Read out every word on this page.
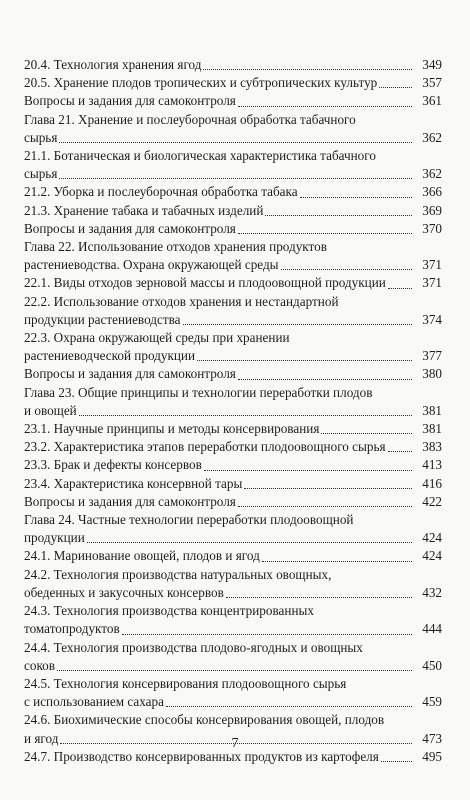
20.4. Технология хранения ягод	349
20.5. Хранение плодов тропических и субтропических культур	357
Вопросы и задания для самоконтроля	361
Глава 21. Хранение и послеуборочная обработка табачного
сырья	362
21.1. Ботаническая и биологическая характеристика табачного
сырья	362
21.2. Уборка и послеуборочная обработка табака	366
21.3. Хранение табака и табачных изделий	369
Вопросы и задания для самоконтроля	370
Глава 22. Использование отходов хранения продуктов
растениеводства. Охрана окружающей среды	371
22.1. Виды отходов зерновой массы и плодоовощной продукции	371
22.2. Использование отходов хранения и нестандартной
продукции растениеводства	374
22.3. Охрана окружающей среды при хранении
растениеводческой продукции	377
Вопросы и задания для самоконтроля	380
Глава 23. Общие принципы и технологии переработки плодов
и овощей	381
23.1. Научные принципы и методы консервирования	381
23.2. Характеристика этапов переработки плодоовощного сырья	383
23.3. Брак и дефекты консервов	413
23.4. Характеристика консервной тары	416
Вопросы и задания для самоконтроля	422
Глава 24. Частные технологии переработки плодоовощной
продукции	424
24.1. Маринование овощей, плодов и ягод	424
24.2. Технология производства натуральных овощных,
обеденных и закусочных консервов	432
24.3. Технология производства концентрированных
томатопродуктов	444
24.4. Технология производства плодово-ягодных и овощных
соков	450
24.5. Технология консервирования плодоовощного сырья
с использованием сахара	459
24.6. Биохимические способы консервирования овощей, плодов
и ягод	473
24.7. Производство консервированных продуктов из картофеля	495
7
